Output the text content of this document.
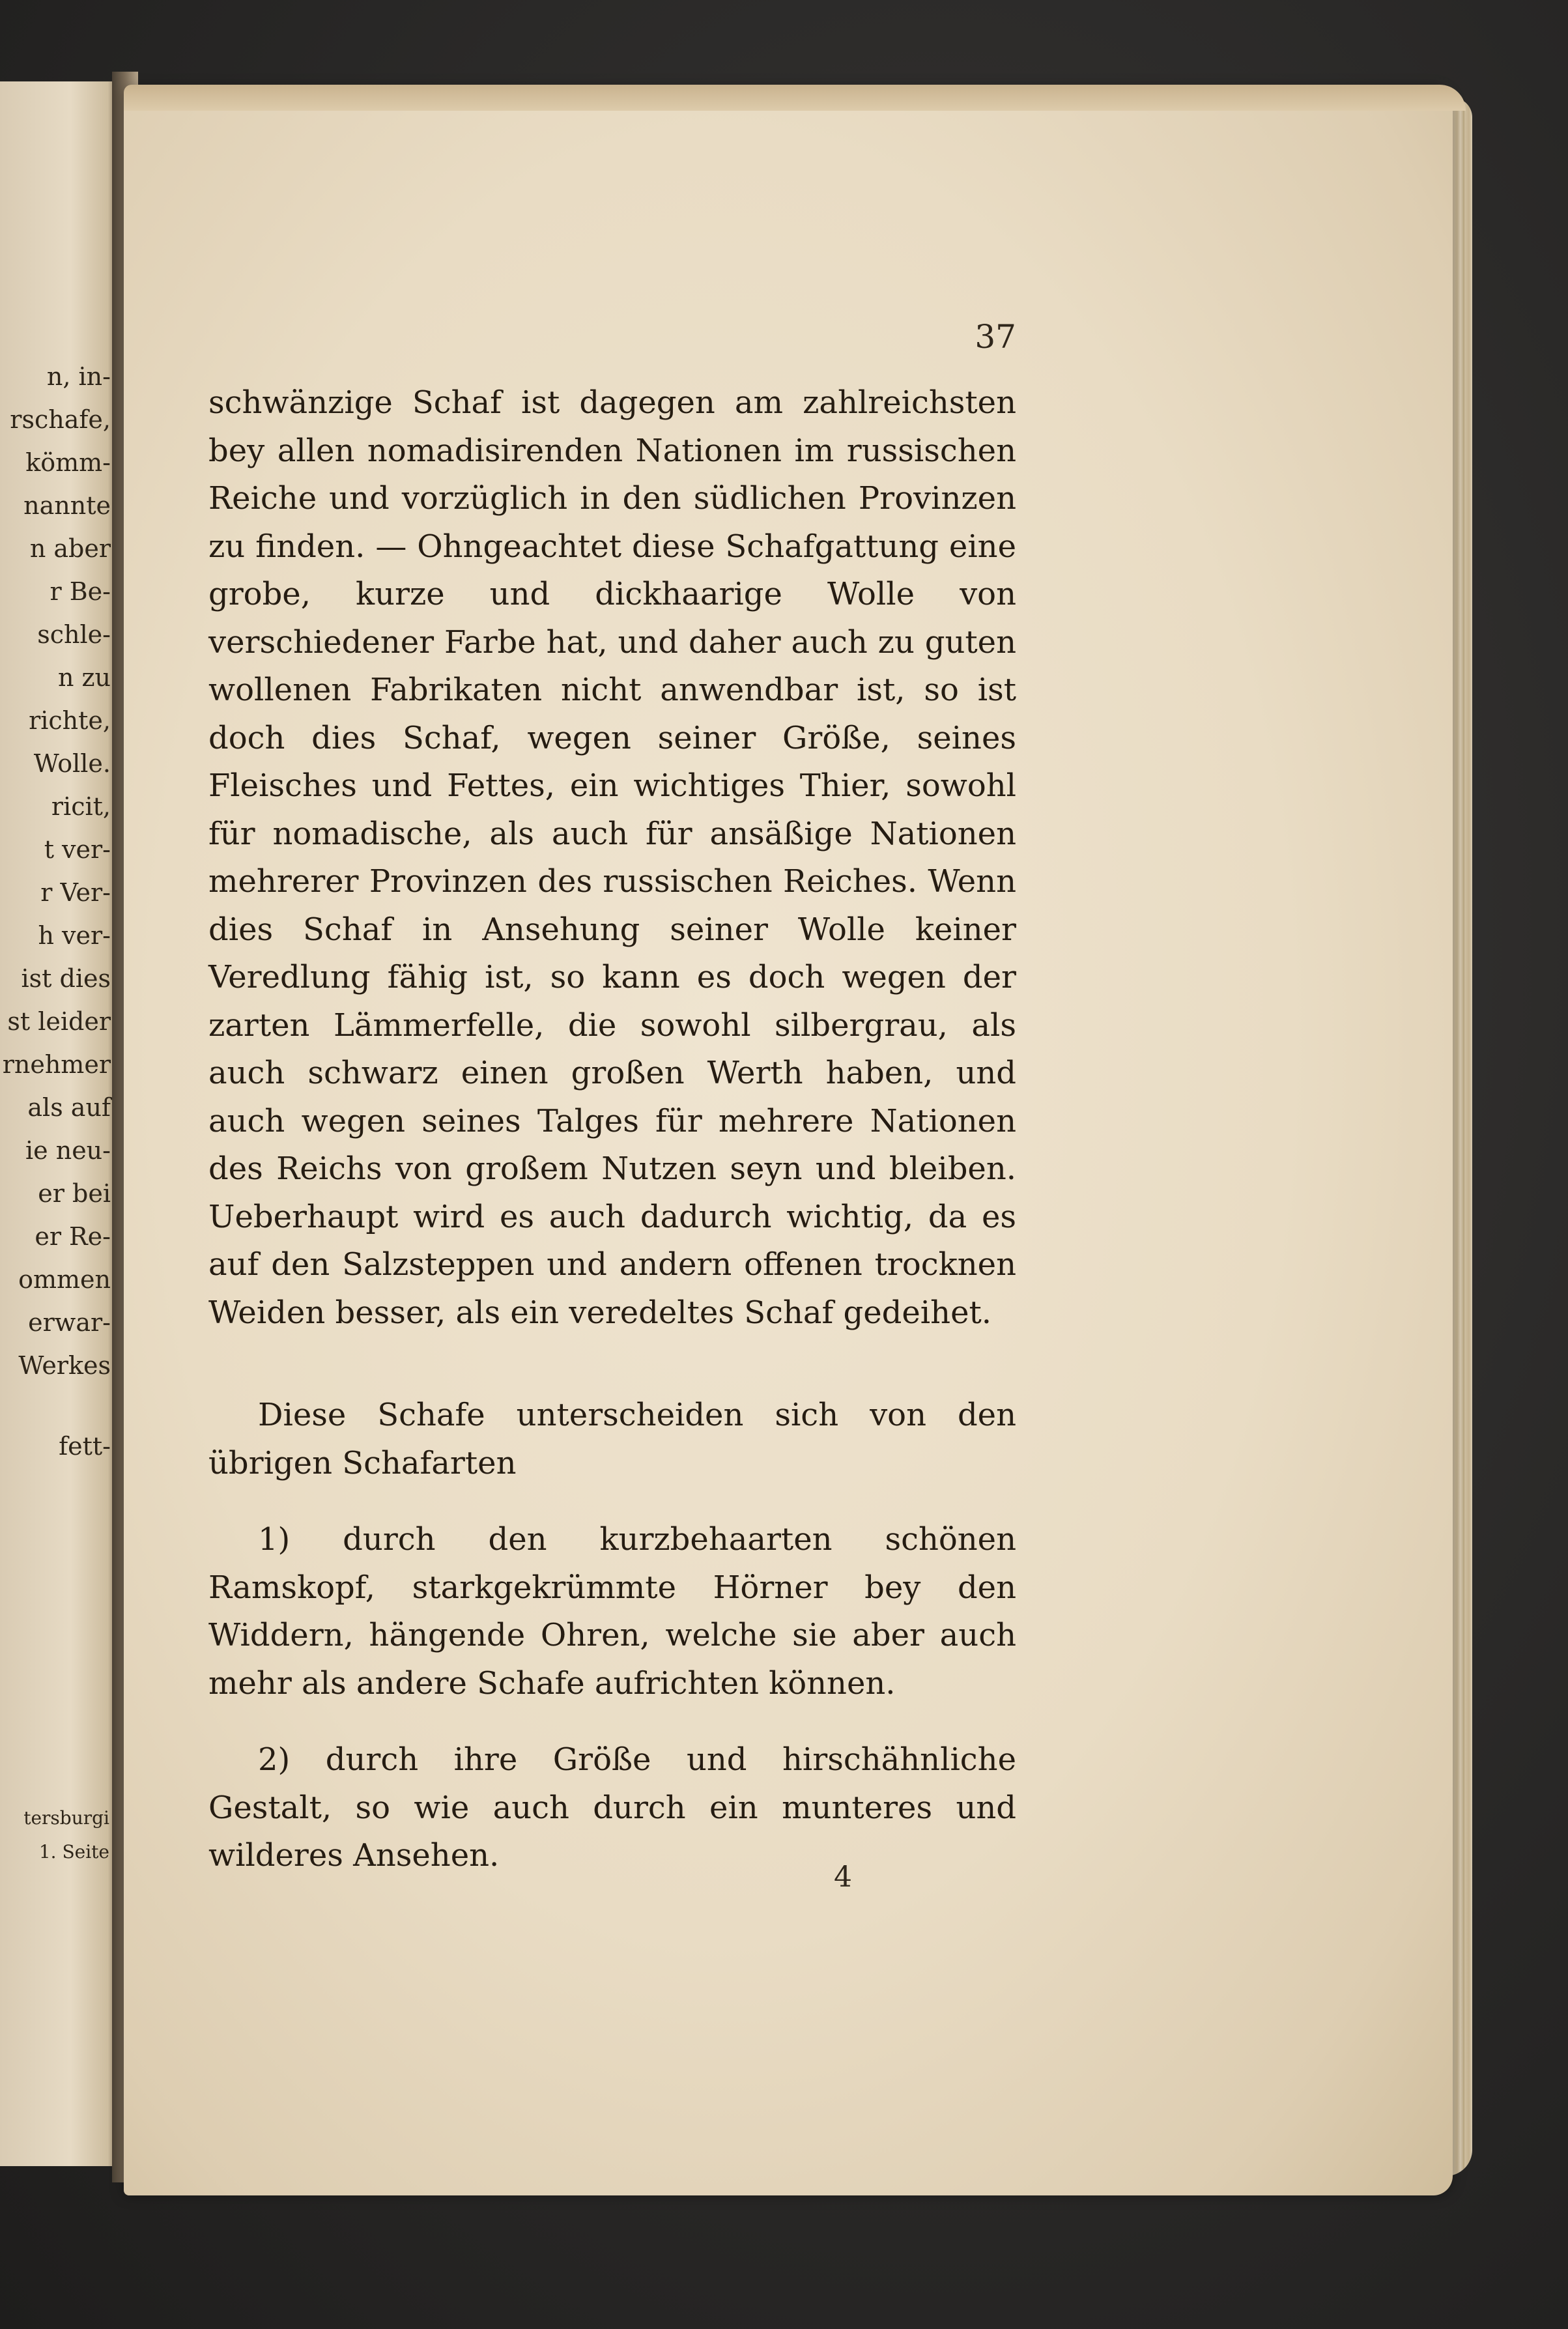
n, in-
rschafe,
kömm-
nannte
n aber
r Be-
schle-
n zu
richte,
Wolle.
ricit,
t ver-
r Ver-
h ver-
ist dies
st leider
rnehmer
als auf
ie neu-
er bei
er Re-
ommen
erwar-
Werkes
fett-
tersburgi
1. Seite
37

schwänzige Schaf ist dagegen am zahlreichsten bey allen nomadisirenden Nationen im russischen Reiche und vorzüglich in den südlichen Provinzen zu finden. — Ohngeachtet diese Schafgattung eine grobe, kurze und dickhaarige Wolle von verschiedener Farbe hat, und daher auch zu guten wollenen Fabrikaten nicht anwendbar ist, so ist doch dies Schaf, wegen seiner Größe, seines Fleisches und Fettes, ein wichtiges Thier, sowohl für nomadische, als auch für ansäßige Nationen mehrerer Provinzen des russischen Reiches. Wenn dies Schaf in Ansehung seiner Wolle keiner Veredlung fähig ist, so kann es doch wegen der zarten Lämmerfelle, die sowohl silbergrau, als auch schwarz einen großen Werth haben, und auch wegen seines Talges für mehrere Nationen des Reichs von großem Nutzen seyn und bleiben. Ueberhaupt wird es auch dadurch wichtig, da es auf den Salzsteppen und andern offenen trocknen Weiden besser, als ein veredeltes Schaf gedeihet.

Diese Schafe unterscheiden sich von den übrigen Schafarten

1) durch den kurzbehaarten schönen Ramskopf, starkgekrümmte Hörner bey den Widdern, hängende Ohren, welche sie aber auch mehr als andere Schafe aufrichten können.

2) durch ihre Größe und hirschähnliche Gestalt, so wie auch durch ein munteres und wilderes Ansehen.

4
